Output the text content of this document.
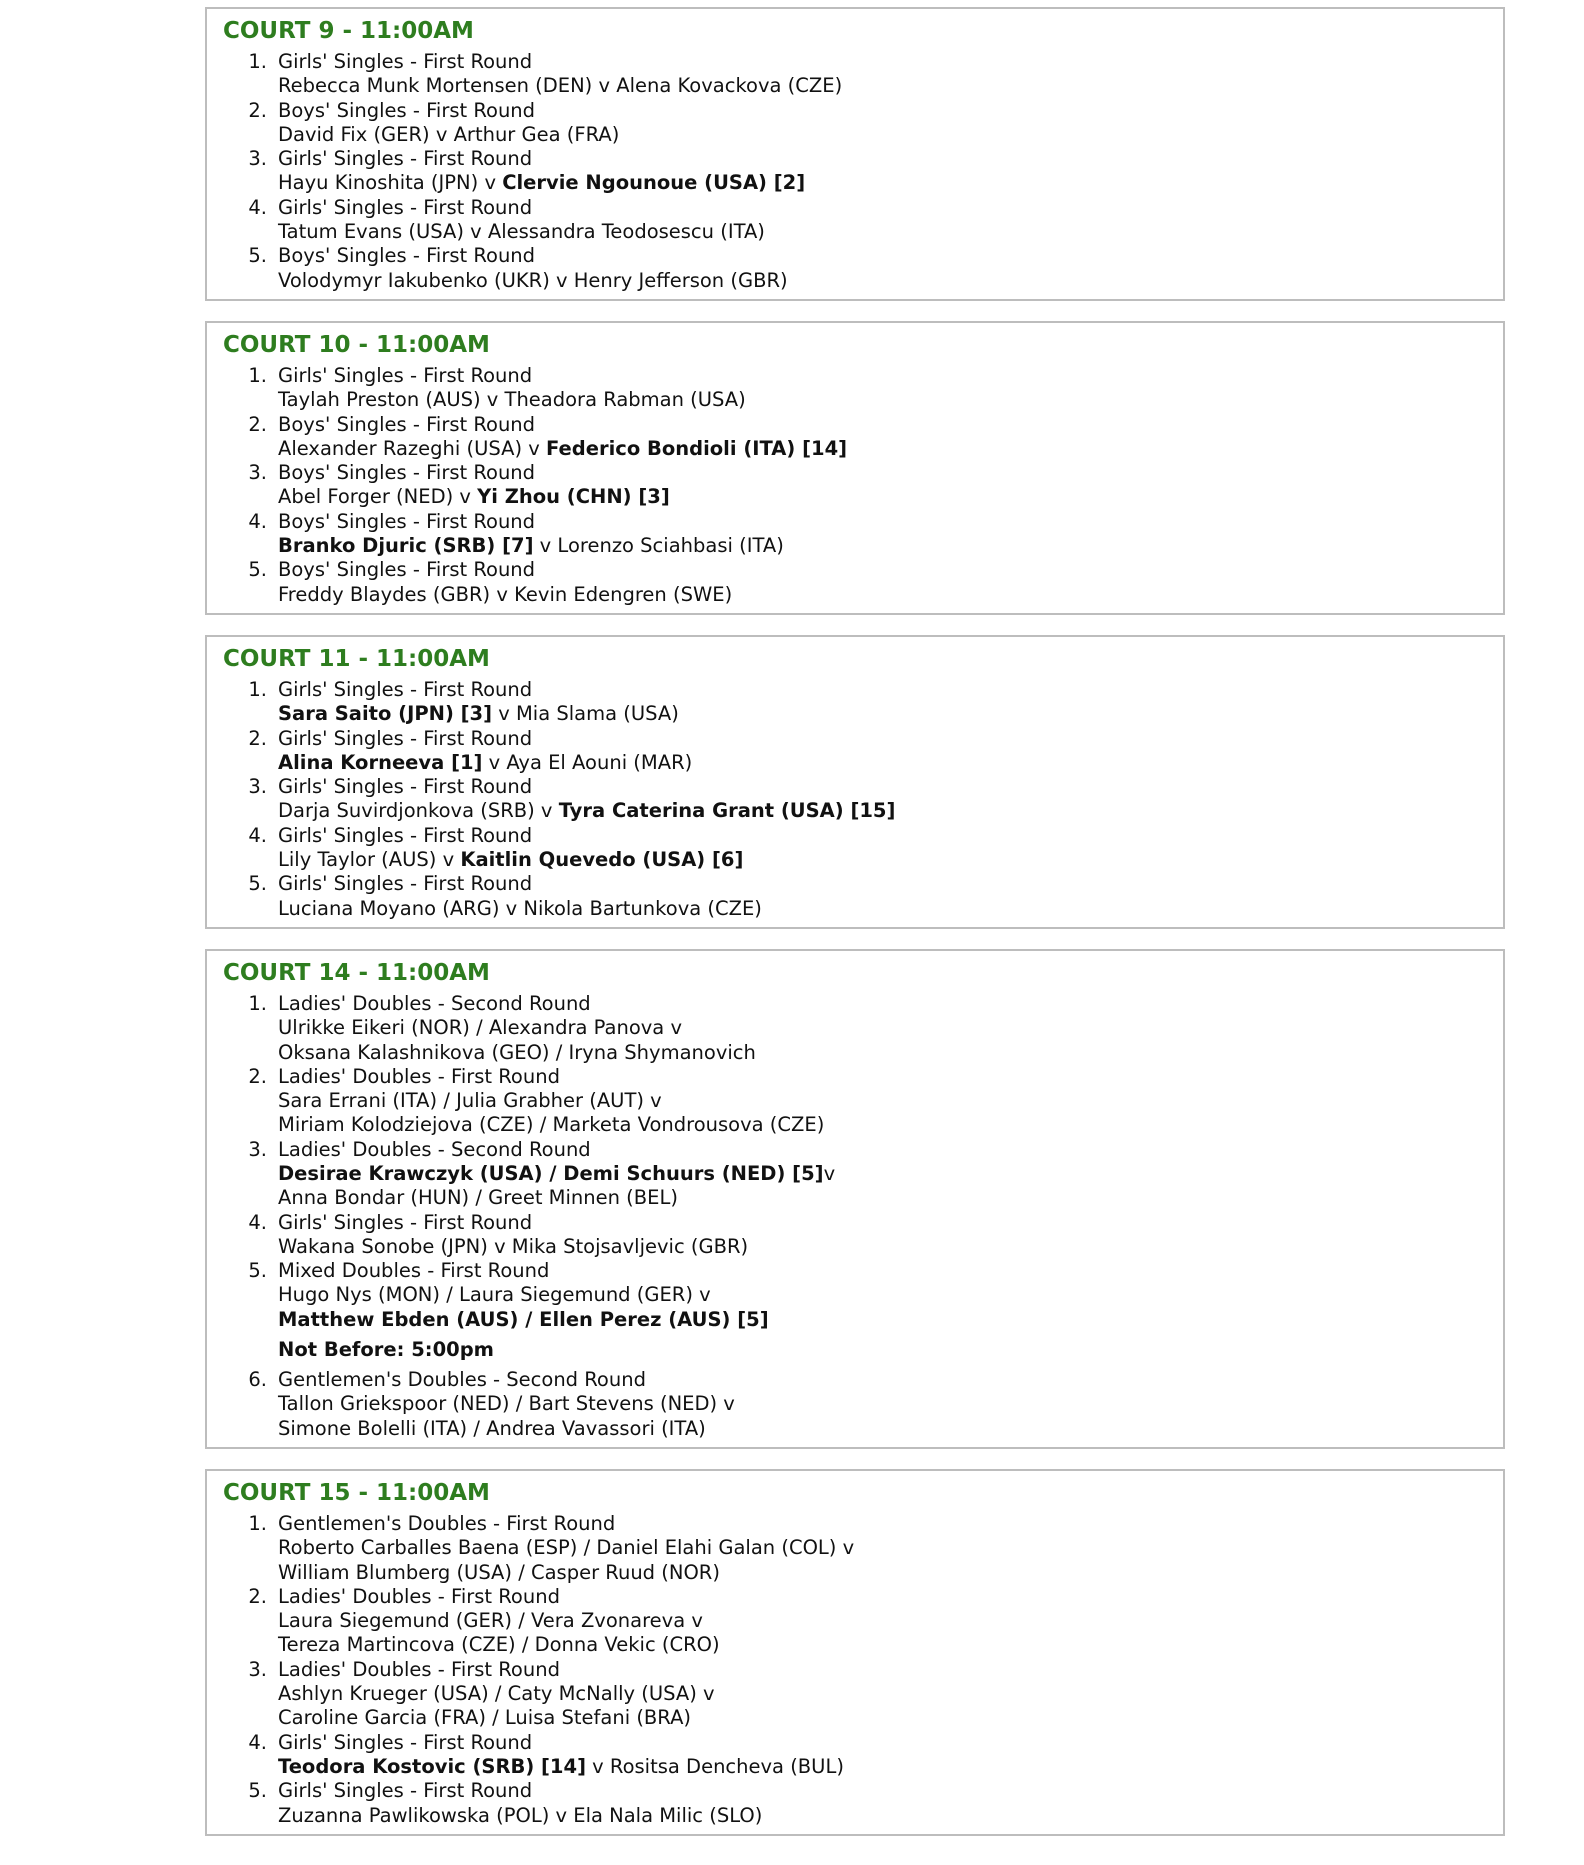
COURT 9 - 11:00AM
1. Girls' Singles - First Round
Rebecca Munk Mortensen (DEN) v Alena Kovackova (CZE)
2. Boys' Singles - First Round
David Fix (GER) v Arthur Gea (FRA)
3. Girls' Singles - First Round
Hayu Kinoshita (JPN) v Clervie Ngounoue (USA) [2]
4. Girls' Singles - First Round
Tatum Evans (USA) v Alessandra Teodosescu (ITA)
5. Boys' Singles - First Round
Volodymyr Iakubenko (UKR) v Henry Jefferson (GBR)
COURT 10 - 11:00AM
1. Girls' Singles - First Round
Taylah Preston (AUS) v Theadora Rabman (USA)
2. Boys' Singles - First Round
Alexander Razeghi (USA) v Federico Bondioli (ITA) [14]
3. Boys' Singles - First Round
Abel Forger (NED) v Yi Zhou (CHN) [3]
4. Boys' Singles - First Round
Branko Djuric (SRB) [7] v Lorenzo Sciahbasi (ITA)
5. Boys' Singles - First Round
Freddy Blaydes (GBR) v Kevin Edengren (SWE)
COURT 11 - 11:00AM
1. Girls' Singles - First Round
Sara Saito (JPN) [3] v Mia Slama (USA)
2. Girls' Singles - First Round
Alina Korneeva [1] v Aya El Aouni (MAR)
3. Girls' Singles - First Round
Darja Suvirdjonkova (SRB) v Tyra Caterina Grant (USA) [15]
4. Girls' Singles - First Round
Lily Taylor (AUS) v Kaitlin Quevedo (USA) [6]
5. Girls' Singles - First Round
Luciana Moyano (ARG) v Nikola Bartunkova (CZE)
COURT 14 - 11:00AM
1. Ladies' Doubles - Second Round
Ulrikke Eikeri (NOR) / Alexandra Panova v
Oksana Kalashnikova (GEO) / Iryna Shymanovich
2. Ladies' Doubles - First Round
Sara Errani (ITA) / Julia Grabher (AUT) v
Miriam Kolodziejova (CZE) / Marketa Vondrousova (CZE)
3. Ladies' Doubles - Second Round
Desirae Krawczyk (USA) / Demi Schuurs (NED) [5]v
Anna Bondar (HUN) / Greet Minnen (BEL)
4. Girls' Singles - First Round
Wakana Sonobe (JPN) v Mika Stojsavljevic (GBR)
5. Mixed Doubles - First Round
Hugo Nys (MON) / Laura Siegemund (GER) v
Matthew Ebden (AUS) / Ellen Perez (AUS) [5]
Not Before: 5:00pm
6. Gentlemen's Doubles - Second Round
Tallon Griekspoor (NED) / Bart Stevens (NED) v
Simone Bolelli (ITA) / Andrea Vavassori (ITA)
COURT 15 - 11:00AM
1. Gentlemen's Doubles - First Round
Roberto Carballes Baena (ESP) / Daniel Elahi Galan (COL) v
William Blumberg (USA) / Casper Ruud (NOR)
2. Ladies' Doubles - First Round
Laura Siegemund (GER) / Vera Zvonareva v
Tereza Martincova (CZE) / Donna Vekic (CRO)
3. Ladies' Doubles - First Round
Ashlyn Krueger (USA) / Caty McNally (USA) v
Caroline Garcia (FRA) / Luisa Stefani (BRA)
4. Girls' Singles - First Round
Teodora Kostovic (SRB) [14] v Rositsa Dencheva (BUL)
5. Girls' Singles - First Round
Zuzanna Pawlikowska (POL) v Ela Nala Milic (SLO)
